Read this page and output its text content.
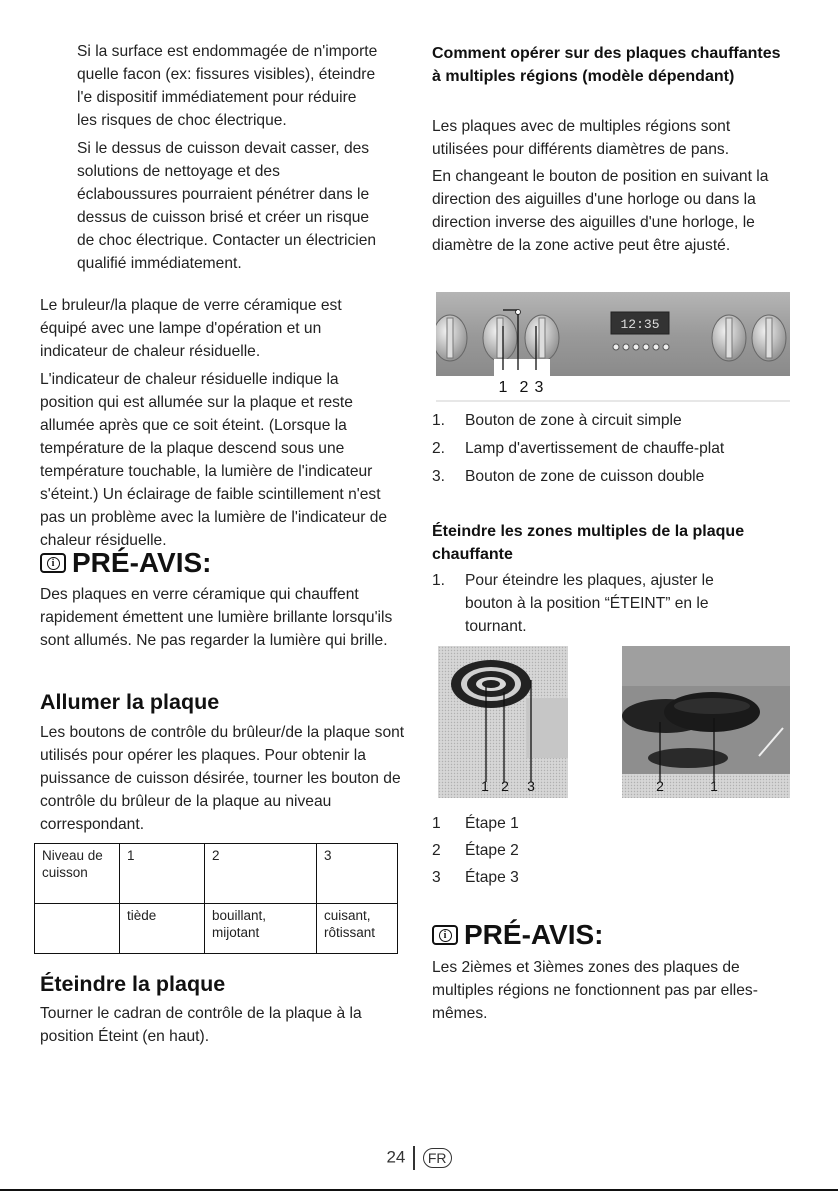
Si la surface est endommagée de n'importe quelle facon (ex: fissures visibles), éteindre l'e dispositif immédiatement pour réduire les risques de choc électrique.

Si le dessus de cuisson devait casser, des solutions de nettoyage et des éclaboussures pourraient pénétrer dans le dessus de cuisson brisé et créer un risque de choc électrique. Contacter un électricien qualifié immédiatement.

Le bruleur/la plaque de verre céramique est équipé avec une lampe d'opération et un indicateur de chaleur résiduelle.

L'indicateur de chaleur résiduelle indique la position qui est allumée sur la plaque et reste allumée après que ce soit éteint. (Lorsque la température de la plaque descend sous une température touchable, la lumière de l'indicateur s'éteint.) Un éclairage de faible scintillement n'est pas un problème avec la lumière de l'indicateur de chaleur résiduelle.

i PRÉ-AVIS:

Des plaques en verre céramique qui chauffent rapidement émettent une lumière brillante lorsqu'ils sont allumés. Ne pas regarder la lumière qui brille.

Allumer la plaque

Les boutons de contrôle du brûleur/de la plaque sont utilisés pour opérer les plaques. Pour obtenir la puissance de cuisson désirée, tourner les bouton de contrôle du brûleur de la plaque au niveau correspondant.

Niveau de cuisson	1	2	3
	tiède	bouillant, mijotant	cuisant, rôtissant
Éteindre la plaque

Tourner le cadran de contrôle de la plaque à la position Éteint (en haut).

Comment opérer sur des plaques chauffantes à multiples régions (modèle dépendant)

Les plaques avec de multiples régions sont utilisées pour différents diamètres de pans.

En changeant le bouton de position en suivant la direction des aiguilles d'une horloge ou dans la direction inverse des aiguilles d'une horloge, le diamètre de la zone active peut être ajusté.

12:35
1 2 3
1.	Bouton de zone à circuit simple
2.	Lamp d'avertissement de chauffe-plat
3.	Bouton de zone de cuisson double
Éteindre les zones multiples de la plaque chauffante
1.	Pour éteindre les plaques, ajuster le bouton à la position “ÉTEINT” en le tournant.
1 2 3	2	1
1	Étape 1
2	Étape 2
3	Étape 3
i PRÉ-AVIS:

Les 2ièmes et 3ièmes zones des plaques de multiples régions ne fonctionnent pas par elles-mêmes.

24 FR
